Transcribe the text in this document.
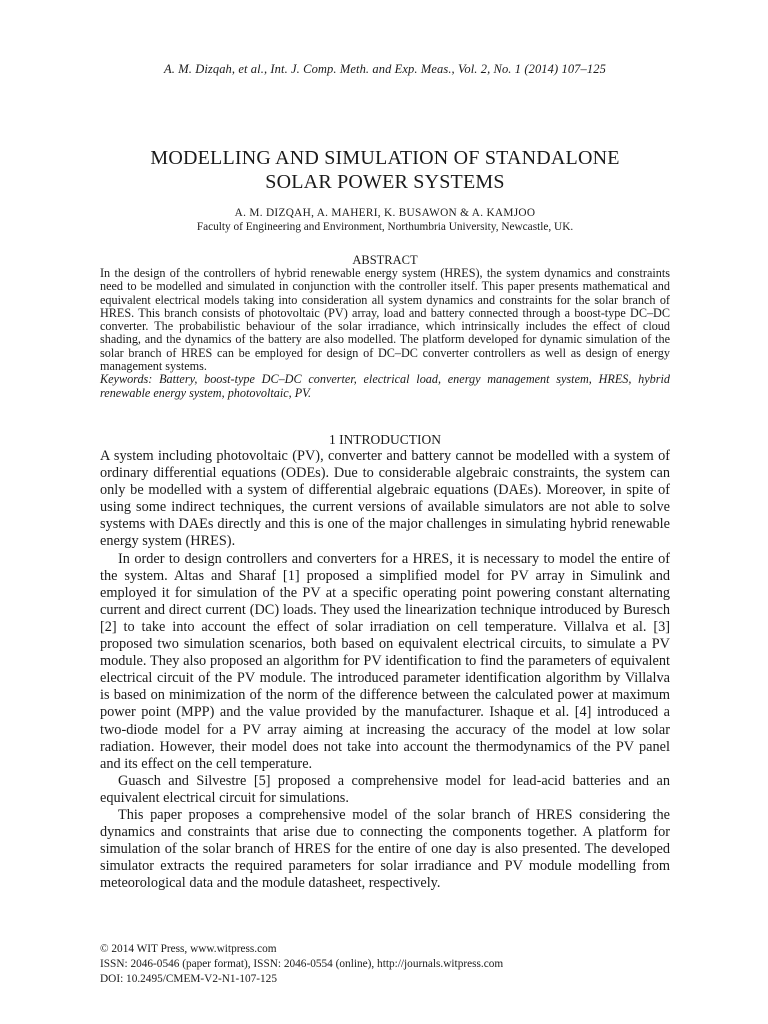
A. M. Dizqah, et al., Int. J. Comp. Meth. and Exp. Meas., Vol. 2, No. 1 (2014) 107–125
MODELLING AND SIMULATION OF STANDALONE
SOLAR POWER SYSTEMS
A. M. DIZQAH, A. MAHERI, K. BUSAWON & A. KAMJOO
Faculty of Engineering and Environment, Northumbria University, Newcastle, UK.
ABSTRACT

In the design of the controllers of hybrid renewable energy system (HRES), the system dynamics and constraints need to be modelled and simulated in conjunction with the controller itself. This paper presents mathematical and equivalent electrical models taking into consideration all system dynamics and constraints for the solar branch of HRES. This branch consists of photovoltaic (PV) array, load and battery connected through a boost-type DC–DC converter. The probabilistic behaviour of the solar irradiance, which intrinsically includes the effect of cloud shading, and the dynamics of the battery are also modelled. The platform developed for dynamic simulation of the solar branch of HRES can be employed for design of DC–DC converter controllers as well as design of energy management systems.

Keywords: Battery, boost-type DC–DC converter, electrical load, energy management system, HRES, hybrid renewable energy system, photovoltaic, PV.

1 INTRODUCTION

A system including photovoltaic (PV), converter and battery cannot be modelled with a system of ordinary differential equations (ODEs). Due to considerable algebraic constraints, the system can only be modelled with a system of differential algebraic equations (DAEs). Moreover, in spite of using some indirect techniques, the current versions of available simulators are not able to solve systems with DAEs directly and this is one of the major challenges in simulating hybrid renewable energy system (HRES).

In order to design controllers and converters for a HRES, it is necessary to model the entire of the system. Altas and Sharaf [1] proposed a simplified model for PV array in Simulink and employed it for simulation of the PV at a specific operating point powering constant alternating current and direct current (DC) loads. They used the linearization technique introduced by Buresch [2] to take into account the effect of solar irradiation on cell temperature. Villalva et al. [3] proposed two simulation scenarios, both based on equivalent electrical circuits, to simulate a PV module. They also proposed an algorithm for PV identification to find the parameters of equivalent electrical circuit of the PV module. The introduced parameter identification algorithm by Villalva is based on minimization of the norm of the difference between the calculated power at maximum power point (MPP) and the value provided by the manufacturer. Ishaque et al. [4] introduced a two-diode model for a PV array aiming at increasing the accuracy of the model at low solar radiation. However, their model does not take into account the thermodynamics of the PV panel and its effect on the cell temperature.

Guasch and Silvestre [5] proposed a comprehensive model for lead-acid batteries and an equivalent electrical circuit for simulations.

This paper proposes a comprehensive model of the solar branch of HRES considering the dynamics and constraints that arise due to connecting the components together. A platform for simulation of the solar branch of HRES for the entire of one day is also presented. The developed simulator extracts the required parameters for solar irradiance and PV module modelling from meteorological data and the module datasheet, respectively.

© 2014 WIT Press, www.witpress.com
ISSN: 2046-0546 (paper format), ISSN: 2046-0554 (online), http://journals.witpress.com
DOI: 10.2495/CMEM-V2-N1-107-125
